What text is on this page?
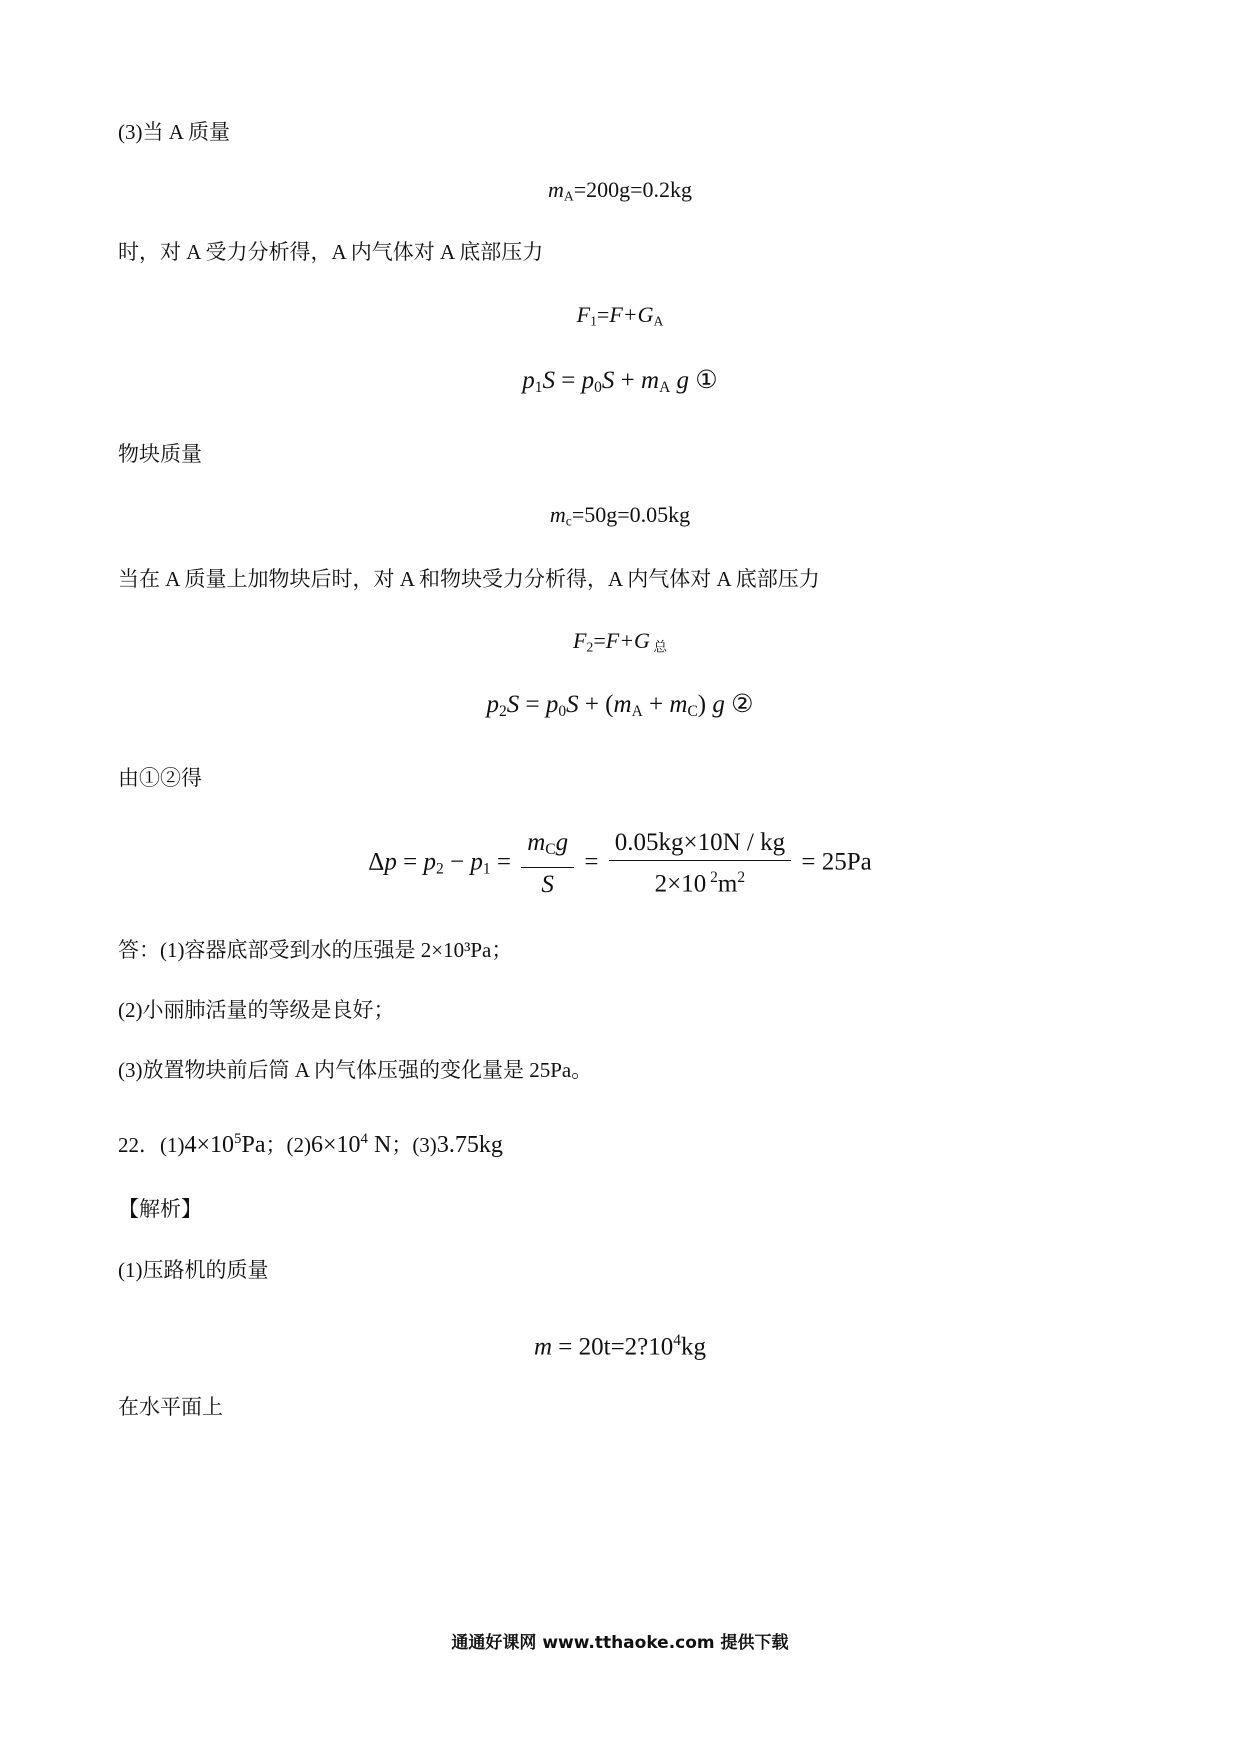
(3)当 A 质量
$m_A=200g=0.2kg$
时，对 A 受力分析得，A 内气体对 A 底部压力
$F_1=F+G_A$
$p_1S = p_0S + m_A$ g ①
物块质量
$m_c=50g=0.05kg$
当在 A 质量上加物块后时，对 A 和物块受力分析得，A 内气体对 A 底部压力
$F_2=F+G$ $_总$
$p_2S = p_0S + (m_A + m_C)$ g ②
由①②得
$\Delta p = p_2 - p_1 = \frac{m_Cg}{S} = \frac{0.05kg\times 10N / kg}{2\times 10 ^2m^2} = 25Pa$
答：(1)容器底部受到水的压强是 2×10³Pa；
(2)小丽肺活量的等级是良好；
(3)放置物块前后筒 A 内气体压强的变化量是 25Pa。
22．$(1)4\times 10^5Pa$；$(2)6\times 10^4$ N；(3)3.75kg
【解析】
(1)压路机的质量
$m = 20t=2?10^4kg$
在水平面上
通通好课网 www.tthaoke.com 提供下载
